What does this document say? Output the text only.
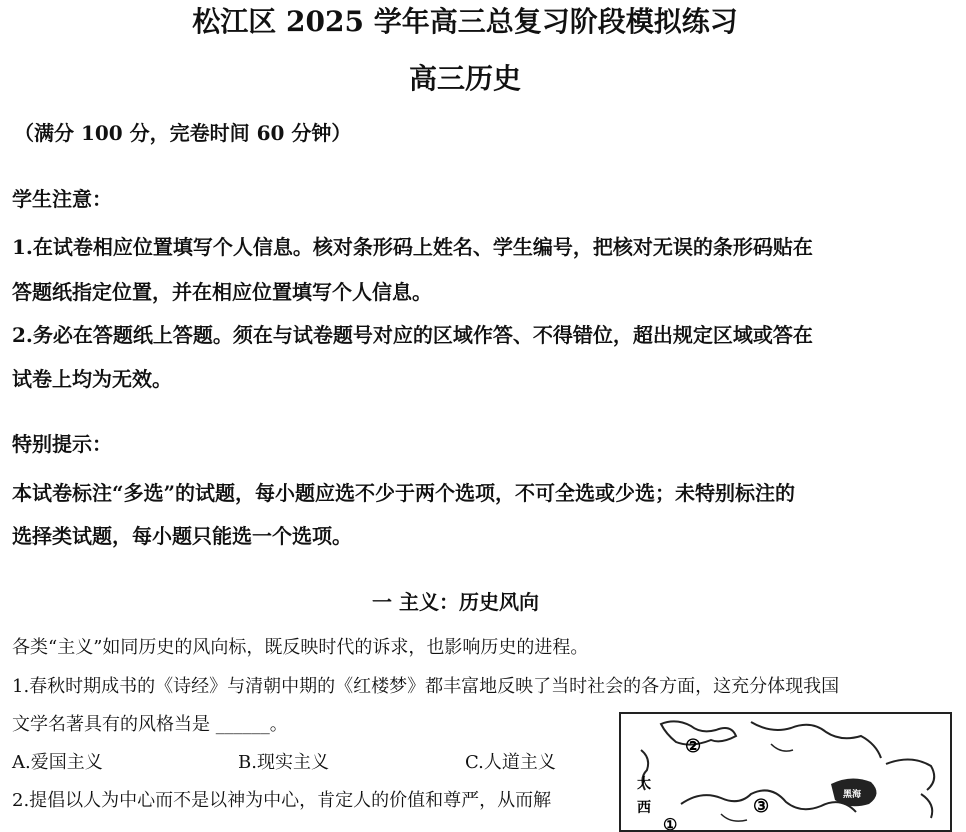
松江区 2025 学年高三总复习阶段模拟练习
高三历史
（满分 100 分，完卷时间 60 分钟）
学生注意：
1.在试卷相应位置填写个人信息。核对条形码上姓名、学生编号，把核对无误的条形码贴在
答题纸指定位置，并在相应位置填写个人信息。
2.务必在答题纸上答题。须在与试卷题号对应的区域作答、不得错位，超出规定区域或答在
试卷上均为无效。
特别提示：
本试卷标注“多选”的试题，每小题应选不少于两个选项，不可全选或少选；未特别标注的
选择类试题，每小题只能选一个选项。
一 主义：历史风向
各类“主义”如同历史的风向标，既反映时代的诉求，也影响历史的进程。
1.春秋时期成书的《诗经》与清朝中期的《红楼梦》都丰富地反映了当时社会的各方面，这充分体现我国
文学名著具有的风格当是 ______。
A.爱国主义	B.现实主义	C.人道主义
2.提倡以人为中心而不是以神为中心，肯定人的价值和尊严，从而解
②
③
①
大
西
黑海
